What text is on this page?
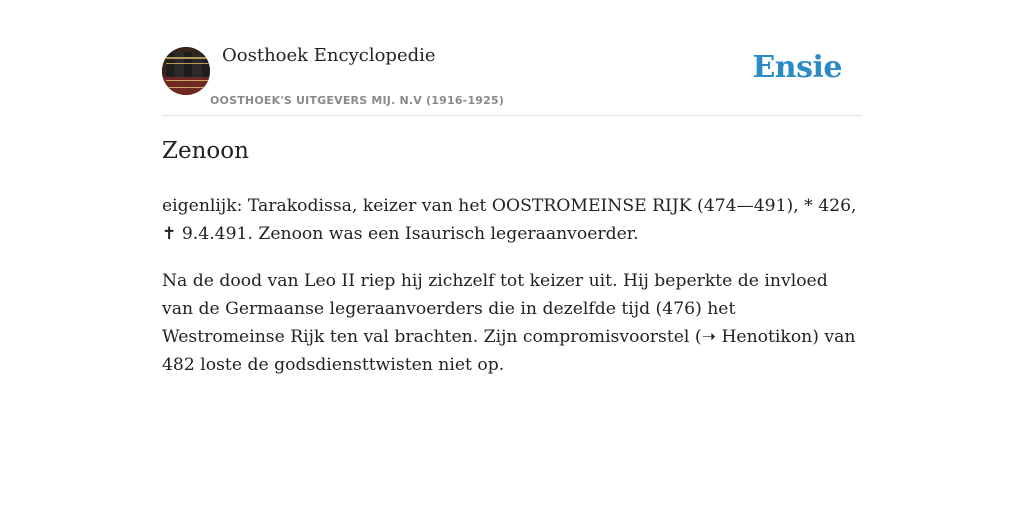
Oosthoek Encyclopedie
OOSTHOEK'S UITGEVERS MIJ. N.V (1916-1925)
Ensie
Zenoon

eigenlijk: Tarakodissa, keizer van het OOSTROMEINSE RIJK (474—491), * 426, ✝ 9.4.491. Zenoon was een Isaurisch legeraanvoerder.

Na de dood van Leo II riep hij zichzelf tot keizer uit. Hij beperkte de invloed van de Germaanse legeraanvoerders die in dezelfde tijd (476) het Westromeinse Rijk ten val brachten. Zijn compromisvoorstel (➝ Henotikon) van 482 loste de godsdiensttwisten niet op.
